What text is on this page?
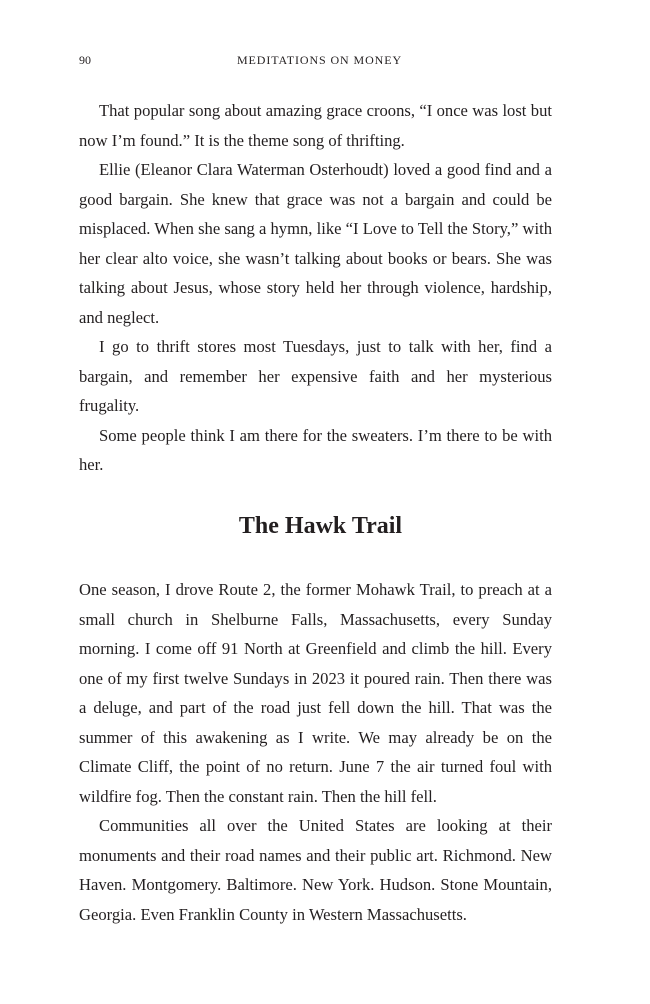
90	MEDITATIONS ON MONEY

That popular song about amazing grace croons, “I once was lost but now I’m found.” It is the theme song of thrifting.

Ellie (Eleanor Clara Waterman Osterhoudt) loved a good find and a good bargain. She knew that grace was not a bargain and could be misplaced. When she sang a hymn, like “I Love to Tell the Story,” with her clear alto voice, she wasn’t talking about books or bears. She was talking about Jesus, whose story held her through violence, hardship, and neglect.

I go to thrift stores most Tuesdays, just to talk with her, find a bargain, and remember her expensive faith and her mysterious frugality.

Some people think I am there for the sweaters. I’m there to be with her.

The Hawk Trail

One season, I drove Route 2, the former Mohawk Trail, to preach at a small church in Shelburne Falls, Massachusetts, every Sunday morning. I come off 91 North at Greenfield and climb the hill. Every one of my first twelve Sundays in 2023 it poured rain. Then there was a deluge, and part of the road just fell down the hill. That was the summer of this awakening as I write. We may already be on the Climate Cliff, the point of no return. June 7 the air turned foul with wildfire fog. Then the constant rain. Then the hill fell.

Communities all over the United States are looking at their monuments and their road names and their public art. Richmond. New Haven. Montgomery. Baltimore. New York. Hudson. Stone Mountain, Georgia. Even Franklin County in Western Massachusetts.
